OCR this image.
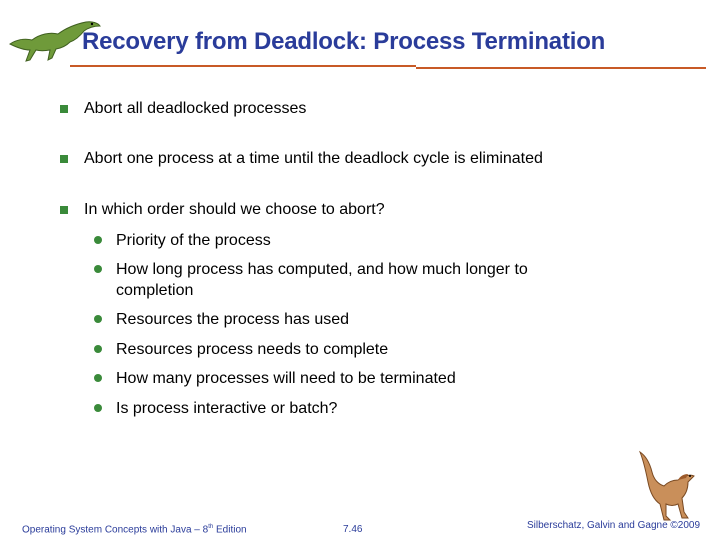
Recovery from Deadlock: Process Termination
Abort all deadlocked processes
Abort one process at a time until the deadlock cycle is eliminated
In which order should we choose to abort?
Priority of the process
How long process has computed, and how much longer to completion
Resources the process has used
Resources process needs to complete
How many processes will need to be terminated
Is process interactive or batch?
Operating System Concepts with Java – 8th Edition	7.46	Silberschatz, Galvin and Gagne ©2009
